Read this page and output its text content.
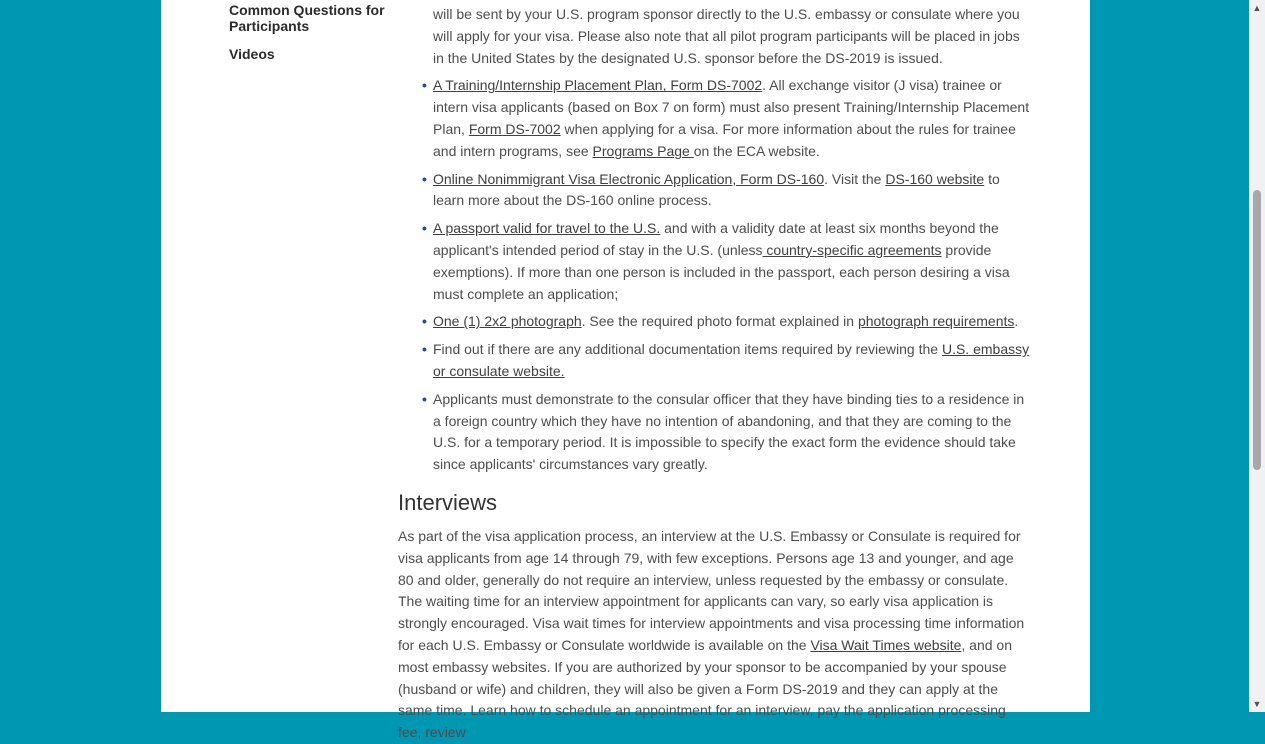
Common Questions for Participants
Videos
will be sent by your U.S. program sponsor directly to the U.S. embassy or consulate where you will apply for your visa. Please also note that all pilot program participants will be placed in jobs in the United States by the designated U.S. sponsor before the DS-2019 is issued.
• A Training/Internship Placement Plan, Form DS-7002. All exchange visitor (J visa) trainee or intern visa applicants (based on Box 7 on form) must also present Training/Internship Placement Plan, Form DS-7002 when applying for a visa. For more information about the rules for trainee and intern programs, see Programs Page on the ECA website.
• Online Nonimmigrant Visa Electronic Application, Form DS-160. Visit the DS-160 website to learn more about the DS-160 online process.
• A passport valid for travel to the U.S. and with a validity date at least six months beyond the applicant's intended period of stay in the U.S. (unless country-specific agreements provide exemptions). If more than one person is included in the passport, each person desiring a visa must complete an application;
• One (1) 2x2 photograph. See the required photo format explained in photograph requirements.
• Find out if there are any additional documentation items required by reviewing the U.S. embassy or consulate website.
• Applicants must demonstrate to the consular officer that they have binding ties to a residence in a foreign country which they have no intention of abandoning, and that they are coming to the U.S. for a temporary period. It is impossible to specify the exact form the evidence should take since applicants' circumstances vary greatly.
Interviews

As part of the visa application process, an interview at the U.S. Embassy or Consulate is required for visa applicants from age 14 through 79, with few exceptions. Persons age 13 and younger, and age 80 and older, generally do not require an interview, unless requested by the embassy or consulate. The waiting time for an interview appointment for applicants can vary, so early visa application is strongly encouraged. Visa wait times for interview appointments and visa processing time information for each U.S. Embassy or Consulate worldwide is available on the Visa Wait Times website, and on most embassy websites. If you are authorized by your sponsor to be accompanied by your spouse (husband or wife) and children, they will also be given a Form DS-2019 and they can apply at the same time. Learn how to schedule an appointment for an interview, pay the application processing fee, review

▲
▼
